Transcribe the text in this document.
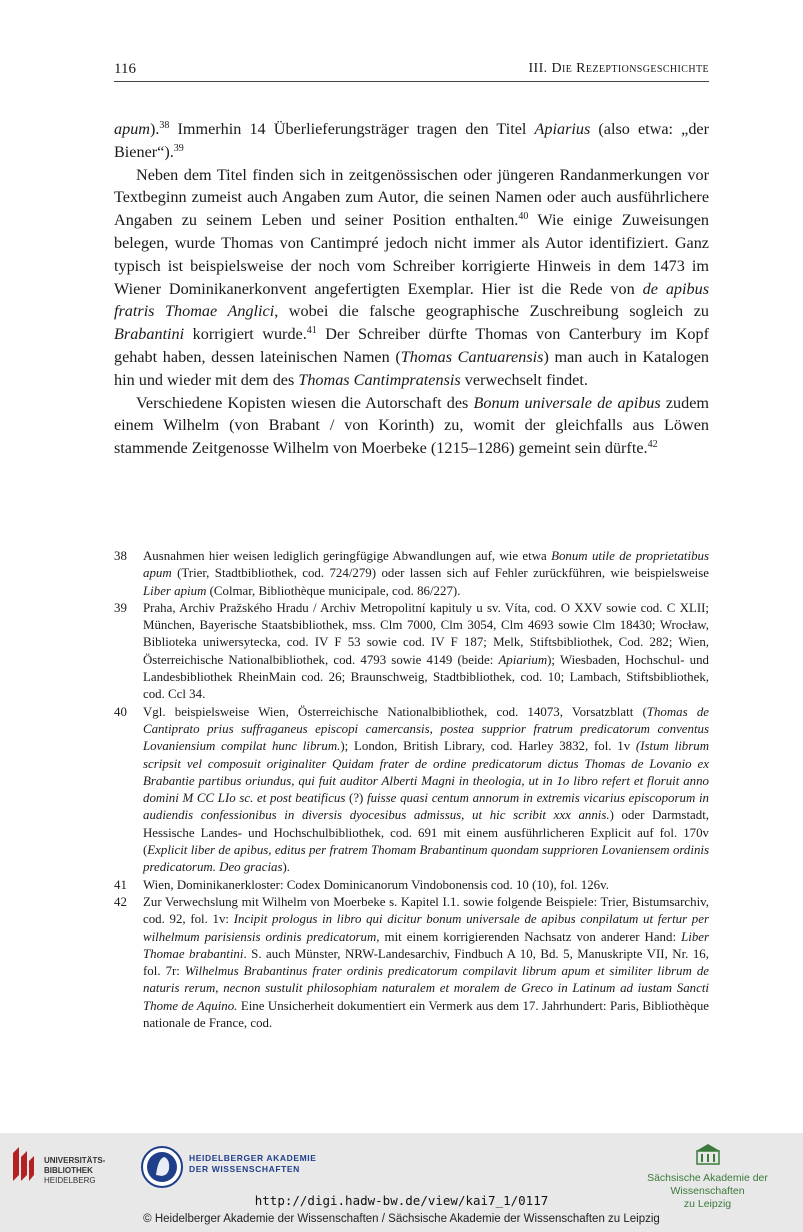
116	III. Die Rezeptionsgeschichte

apum).$^{38}$ Immerhin 14 Überlieferungsträger tragen den Titel Apiarius (also etwa: „der Biener“).$^{39}$

Neben dem Titel finden sich in zeitgenössischen oder jüngeren Randanmerkungen vor Textbeginn zumeist auch Angaben zum Autor, die seinen Namen oder auch ausführlichere Angaben zu seinem Leben und seiner Position enthalten.$^{40}$ Wie einige Zuweisungen belegen, wurde Thomas von Cantimpré jedoch nicht immer als Autor identifiziert. Ganz typisch ist beispielsweise der noch vom Schreiber korrigierte Hinweis in dem 1473 im Wiener Dominikanerkonvent angefertigten Exemplar. Hier ist die Rede von de apibus fratris Thomae Anglici, wobei die falsche geographische Zuschreibung sogleich zu Brabantini korrigiert wurde.$^{41}$ Der Schreiber dürfte Thomas von Canterbury im Kopf gehabt haben, dessen lateinischen Namen (Thomas Cantuarensis) man auch in Katalogen hin und wieder mit dem des Thomas Cantimpratensis verwechselt findet.

Verschiedene Kopisten wiesen die Autorschaft des Bonum universale de apibus zudem einem Wilhelm (von Brabant / von Korinth) zu, womit der gleichfalls aus Löwen stammende Zeitgenosse Wilhelm von Moerbeke (1215–1286) gemeint sein dürfte.$^{42}$

38 Ausnahmen hier weisen lediglich geringfügige Abwandlungen auf, wie etwa Bonum utile de proprietatibus apum (Trier, Stadtbibliothek, cod. 724/279) oder lassen sich auf Fehler zurückführen, wie beispielsweise Liber apium (Colmar, Bibliothèque municipale, cod. 86/227).
39 Praha, Archiv Pražského Hradu / Archiv Metropolitní kapituly u sv. Víta, cod. O XXV sowie cod. C XLII; München, Bayerische Staatsbibliothek, mss. Clm 7000, Clm 3054, Clm 4693 sowie Clm 18430; Wrocław, Biblioteka uniwersytecka, cod. IV F 53 sowie cod. IV F 187; Melk, Stiftsbibliothek, Cod. 282; Wien, Österreichische Nationalbibliothek, cod. 4793 sowie 4149 (beide: Apiarium); Wiesbaden, Hochschul- und Landesbibliothek RheinMain cod. 26; Braunschweig, Stadtbibliothek, cod. 10; Lambach, Stiftsbibliothek, cod. Ccl 34.
40 Vgl. beispielsweise Wien, Österreichische Nationalbibliothek, cod. 14073, Vorsatzblatt (Thomas de Cantiprato prius suffraganeus episcopi camercansis, postea supprior fratrum predicatorum conventus Lovaniensium compilat hunc librum.); London, British Library, cod. Harley 3832, fol. 1v (Istum librum scripsit vel composuit originaliter Quidam frater de ordine predicatorum dictus Thomas de Lovanio ex Brabantie partibus oriundus, qui fuit auditor Alberti Magni in theologia, ut in 1o libro refert et floruit anno domini M CC LIo sc. et post beatificus (?) fuisse quasi centum annorum in extremis vicarius episcoporum in audiendis confessionibus in diversis dyocesibus admissus, ut hic scribit xxx annis.) oder Darmstadt, Hessische Landes- und Hochschulbibliothek, cod. 691 mit einem ausführlicheren Explicit auf fol. 170v (Explicit liber de apibus, editus per fratrem Thomam Brabantinum quondam supprioren Lovaniensem ordinis predicatorum. Deo gracias).
41 Wien, Dominikanerkloster: Codex Dominicanorum Vindobonensis cod. 10 (10), fol. 126v.
42 Zur Verwechslung mit Wilhelm von Moerbeke s. Kapitel I.1. sowie folgende Beispiele: Trier, Bistumsarchiv, cod. 92, fol. 1v: Incipit prologus in libro qui dicitur bonum universale de apibus conpilatum ut fertur per wilhelmum parisiensis ordinis predicatorum, mit einem korrigierenden Nachsatz von anderer Hand: Liber Thomae brabantini. S. auch Münster, NRW-Landesarchiv, Findbuch A 10, Bd. 5, Manuskripte VII, Nr. 16, fol. 7r: Wilhelmus Brabantinus frater ordinis predicatorum compilavit librum apum et similiter librum de naturis rerum, necnon sustulit philosophiam naturalem et moralem de Greco in Latinum ad iustam Sancti Thome de Aquino. Eine Unsicherheit dokumentiert ein Vermerk aus dem 17. Jahrhundert: Paris, Bibliothèque nationale de France, cod.
UNIVERSITÄTS-
BIBLIOTHEK
HEIDELBERG
HEIDELBERGER AKADEMIE
DER WISSENSCHAFTEN
Sächsische Akademie der Wissenschaften
zu Leipzig
http://digi.hadw-bw.de/view/kai7_1/0117
© Heidelberger Akademie der Wissenschaften / Sächsische Akademie der Wissenschaften zu Leipzig
